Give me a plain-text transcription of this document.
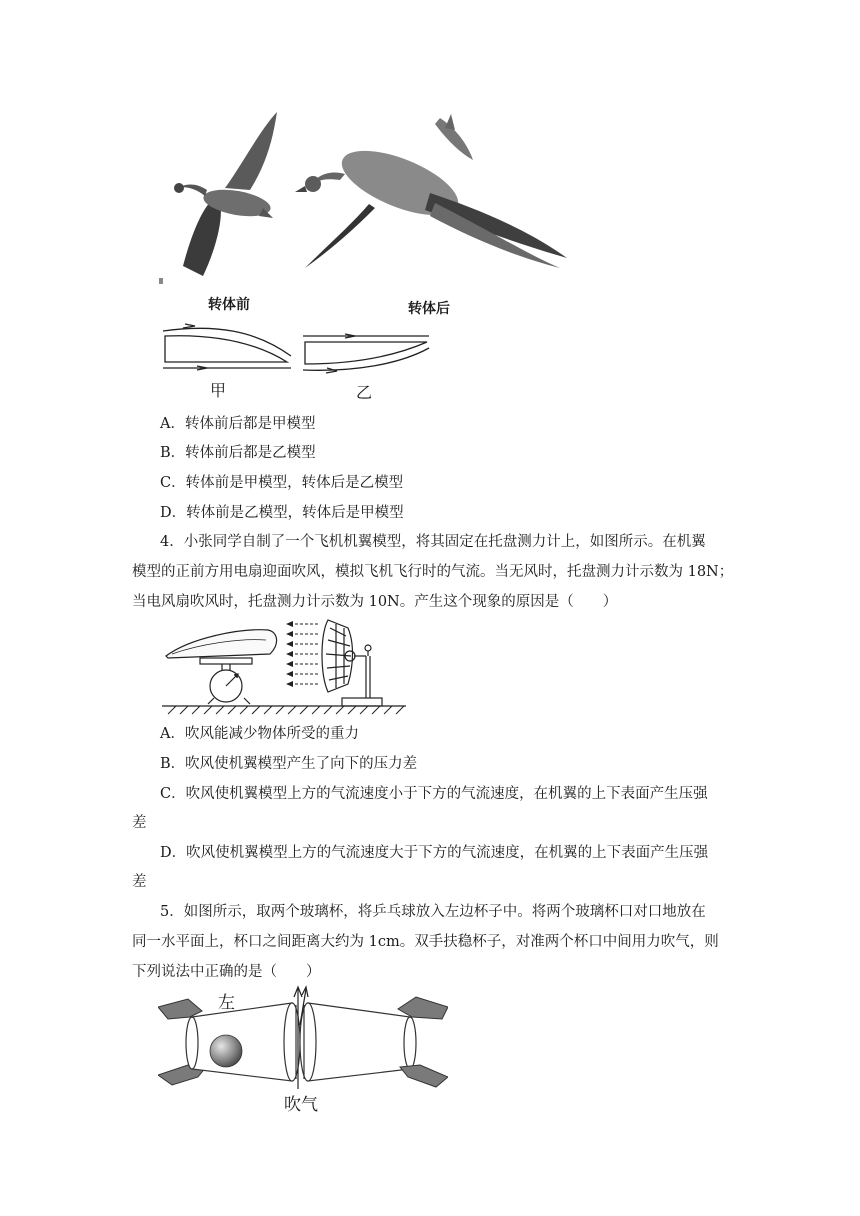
转体前	转体后
甲	乙
A．转体前后都是甲模型
B．转体前后都是乙模型
C．转体前是甲模型，转体后是乙模型
D．转体前是乙模型，转体后是甲模型
4．小张同学自制了一个飞机机翼模型，将其固定在托盘测力计上，如图所示。在机翼
模型的正前方用电扇迎面吹风，模拟飞机飞行时的气流。当无风时，托盘测力计示数为 18N；
当电风扇吹风时，托盘测力计示数为 10N。产生这个现象的原因是（　　）
A．吹风能减少物体所受的重力
B．吹风使机翼模型产生了向下的压力差
C．吹风使机翼模型上方的气流速度小于下方的气流速度，在机翼的上下表面产生压强
差
D．吹风使机翼模型上方的气流速度大于下方的气流速度，在机翼的上下表面产生压强
差
5．如图所示，取两个玻璃杯，将乒乓球放入左边杯子中。将两个玻璃杯口对口地放在
同一水平面上，杯口之间距离大约为 1cm。双手扶稳杯子，对准两个杯口中间用力吹气，则
下列说法中正确的是（　　）
左
吹气
